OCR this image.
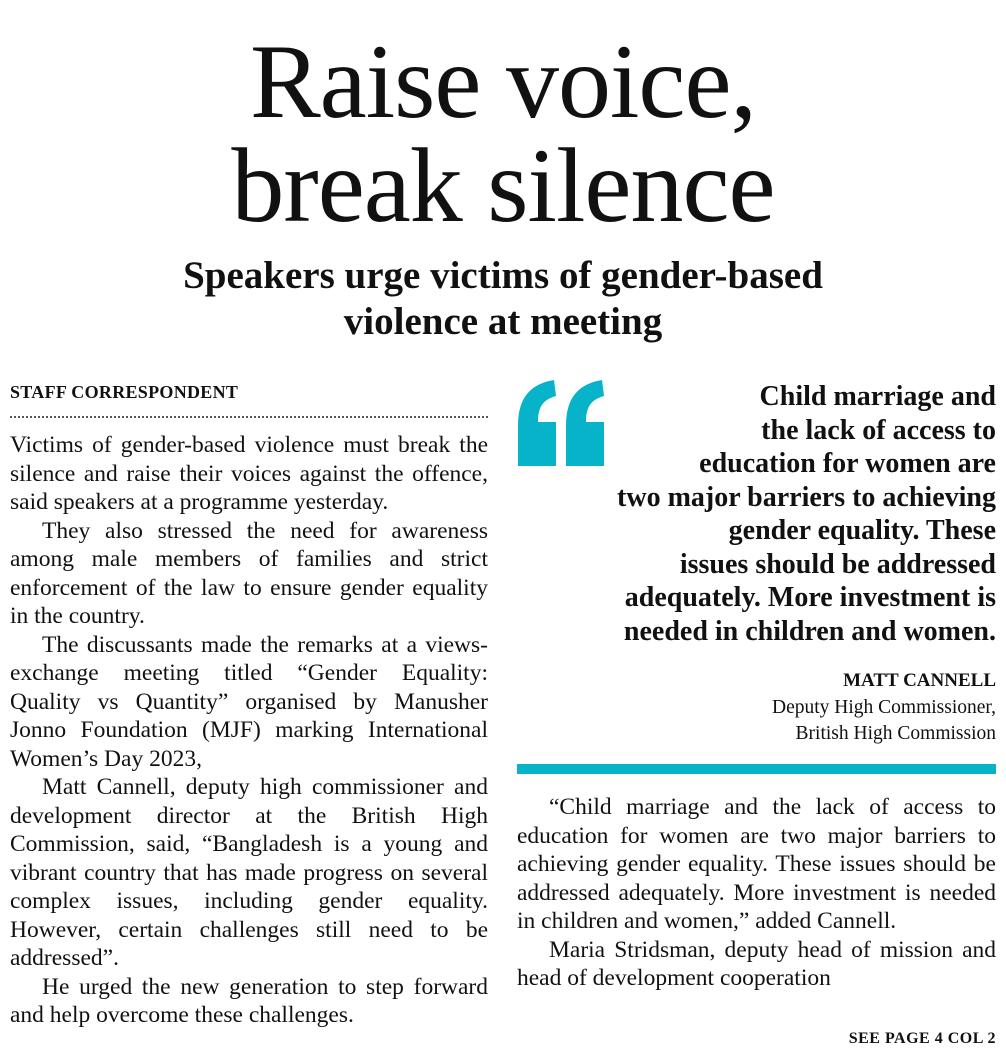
Raise voice,
break silence
Speakers urge victims of gender-based
violence at meeting
STAFF CORRESPONDENT

Victims of gender-based violence must break the silence and raise their voices against the offence, said speakers at a programme yesterday.

They also stressed the need for awareness among male members of families and strict enforcement of the law to ensure gender equality in the country.

The discussants made the remarks at a views-exchange meeting titled “Gender Equality: Quality vs Quantity” organised by Manusher Jonno Foundation (MJF) marking International Women’s Day 2023,

Matt Cannell, deputy high commissioner and development director at the British High Commission, said, “Bangladesh is a young and vibrant country that has made progress on several complex issues, including gender equality. However, certain challenges still need to be addressed”.

He urged the new generation to step forward and help overcome these challenges.

Child marriage and
the lack of access to
education for women are
two major barriers to achieving
gender equality. These
issues should be addressed
adequately. More investment is
needed in children and women.
MATT CANNELL
Deputy High Commissioner,
British High Commission

“Child marriage and the lack of access to education for women are two major barriers to achieving gender equality. These issues should be addressed adequately. More investment is needed in children and women,” added Cannell.

Maria Stridsman, deputy head of mission and head of development cooperation

SEE PAGE 4 COL 2
